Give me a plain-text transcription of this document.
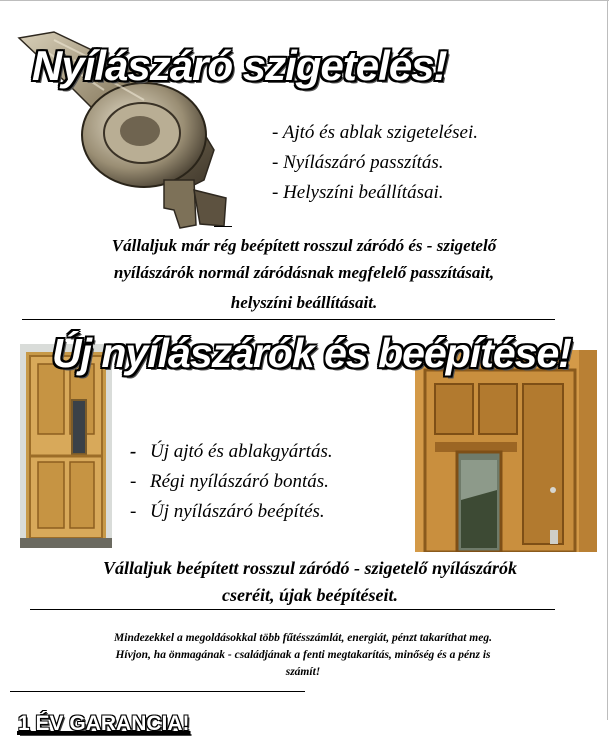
Nyílászáró szigetelés!
- Ajtó és ablak szigetelései.
- Nyílászáró passzítás.
- Helyszíni beállításai.
Vállaljuk már rég beépített rosszul záródó és - szigetelő
nyílászárók normál záródásnak megfelelő passzításait,
helyszíni beállításait.
Új nyílászárók és beépítése!
- Új ajtó és ablakgyártás.
- Régi nyílászáró bontás.
- Új nyílászáró beépítés.
Vállaljuk beépített rosszul záródó - szigetelő nyílászárók
cseréit, újak beépítéseit.
Mindezekkel a megoldásokkal több fűtésszámlát, energiát, pénzt takaríthat meg.
Hívjon, ha önmagának - családjának a fenti megtakarítás, minőség és a pénz is
számít!
1 ÉV GARANCIA!
